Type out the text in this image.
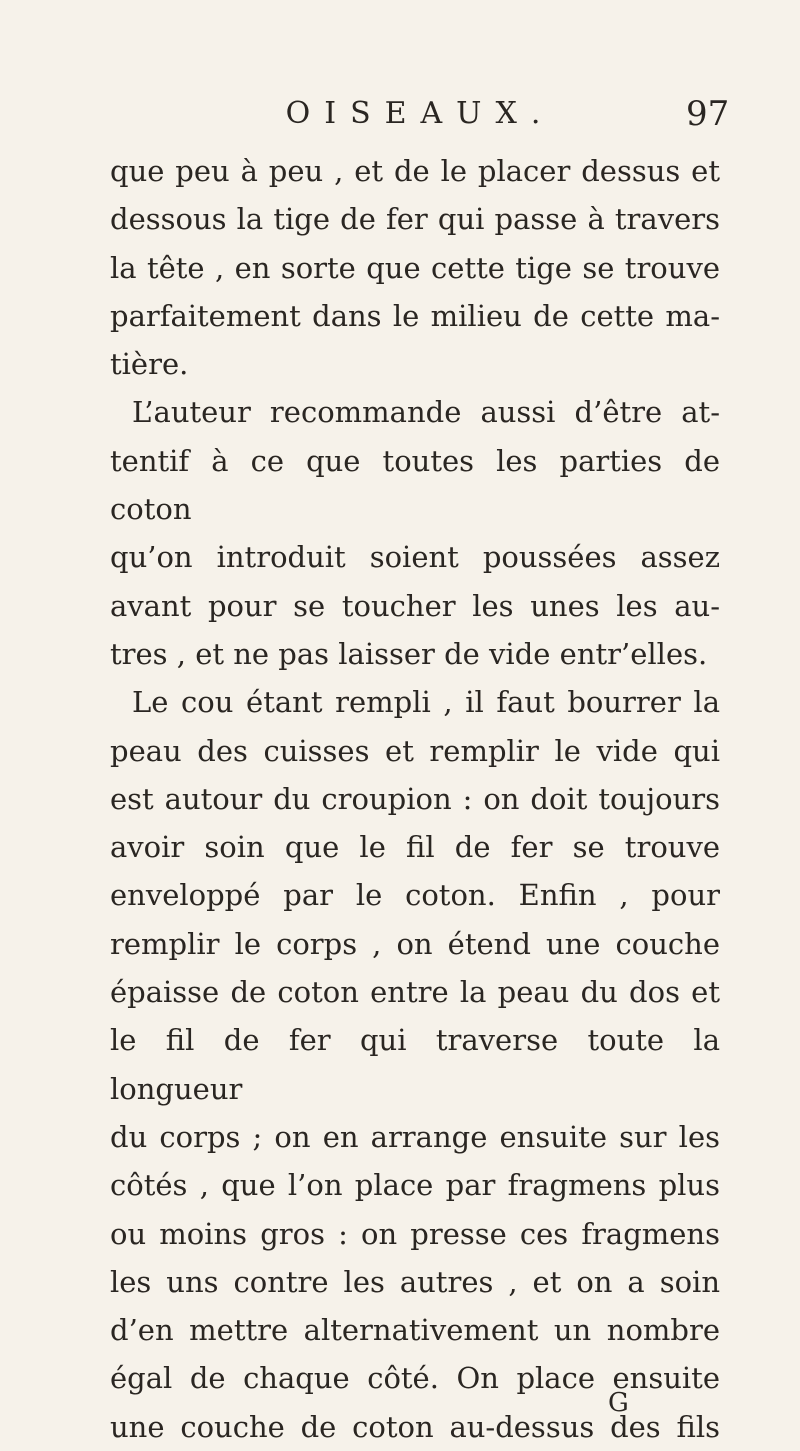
OISEAUX.	97
que peu à peu , et de le placer dessus et
dessous la tige de fer qui passe à travers
la tête , en sorte que cette tige se trouve
parfaitement dans le milieu de cette ma-
tière.
L’auteur recommande aussi d’être at-
tentif à ce que toutes les parties de coton
qu’on introduit soient poussées assez
avant pour se toucher les unes les au-
tres , et ne pas laisser de vide entr’elles.
Le cou étant rempli , il faut bourrer la
peau des cuisses et remplir le vide qui
est autour du croupion : on doit toujours
avoir soin que le fil de fer se trouve
enveloppé par le coton. Enfin , pour
remplir le corps , on étend une couche
épaisse de coton entre la peau du dos et
le fil de fer qui traverse toute la longueur
du corps ; on en arrange ensuite sur les
côtés , que l’on place par fragmens plus
ou moins gros : on presse ces fragmens
les uns contre les autres , et on a soin
d’en mettre alternativement un nombre
égal de chaque côté. On place ensuite
une couche de coton au-dessus des fils
G
